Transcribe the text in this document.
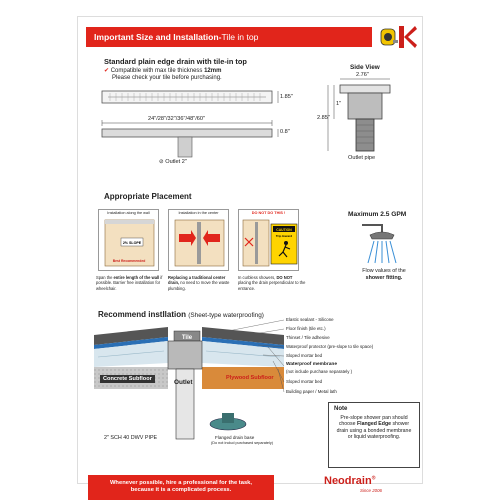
Important Size and Installation-Tile in top
Standard plain edge drain with tile-in top
✔ Compatible with max tile thickness 12mm
Please check your tile before purchasing.
Side View
1.85"
24"/28"/32"/36"/48"/60"
0.8"
⊘ Outlet 2"
2.76"
1"
2.85"
Outlet pipe
Appropriate Placement
Installation along the wall
2% SLOPE
Best Recommended
Installation in the center	DO NOT DO THIS !
CAUTION
Trip Hazard
Span the entire length of the wall if possible. Barrier free installation for wheelchair.
Replacing a traditional center drain, no need to move the waste plumbing.
In curbless showers, DO NOT placing the drain perpendicular to the entrance.
Maximum 2.5 GPM
Flow values of the shower fitting.
Recommend instllation (Sheet-type waterproofing)
Tile
Concrete Subfloor	Outlet
Plywood Subfloor
2" SCH 40 DWV PIPE	Flanged drain base
(Do not includ purchased separately)
Elastic sealant - Silicone
Floor finish (tile etc.)
Thinset / Tile adhesive
Waterproof protector (pre-slope to tile space)
Sloped mortar bed
Waterproof membrane
(not include purchase separately )
Sloped mortar bed
Building paper / Metal lath
Note
Pre-slope shower pan should choose Flanged Edge shower drain using a bonded membrane or liquid waterproofing.
Whenever possible, hire a professional for the task,
because it is a complicated process.
Neodrain®
Since 2006
